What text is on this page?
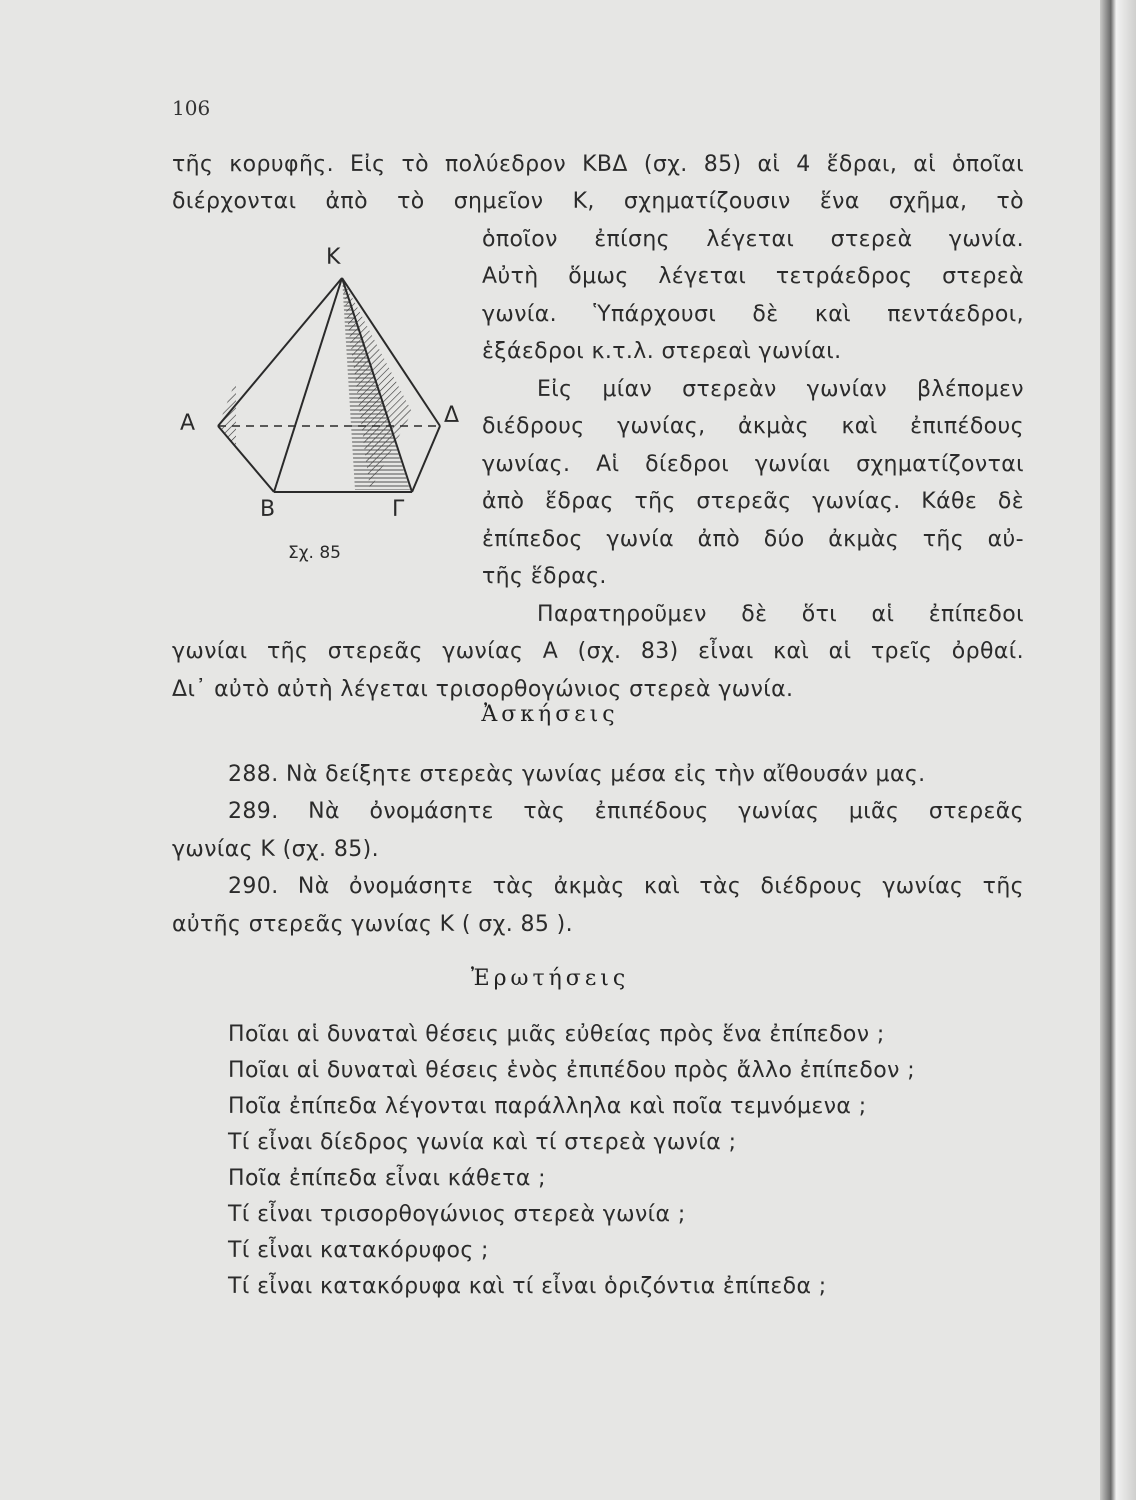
106
τῆς κορυφῆς. Εἰς τὸ πολύεδρον ΚΒΔ (σχ. 85) αἱ 4 ἕδραι, αἱ ὁποῖαι
διέρχονται ἀπὸ τὸ σημεῖον Κ, σχηματίζουσιν ἕνα σχῆμα, τὸ
ὁποῖον ἐπίσης λέγεται στερεὰ γωνία.
Αὐτὴ ὅμως λέγεται τετράεδρος στερεὰ
γωνία. Ὑπάρχουσι δὲ καὶ πεντάεδροι,
ἑξάεδροι κ.τ.λ. στερεαὶ γωνίαι.
Εἰς μίαν στερεὰν γωνίαν βλέπομεν
διέδρους γωνίας, ἀκμὰς καὶ ἐπιπέδους
γωνίας. Αἱ δίεδροι γωνίαι σχηματίζονται
ἀπὸ ἕδρας τῆς στερεᾶς γωνίας. Κάθε δὲ
ἐπίπεδος γωνία ἀπὸ δύο ἀκμὰς τῆς αὐ-
τῆς ἕδρας.
Παρατηροῦμεν δὲ ὅτι αἱ ἐπίπεδοι
γωνίαι τῆς στερεᾶς γωνίας Α (σχ. 83) εἶναι καὶ αἱ τρεῖς ὀρθαί.
Δι᾽ αὐτὸ αὐτὴ λέγεται τρισορθογώνιος στερεὰ γωνία.
Κ
Α	Δ
Β	Γ
Σχ. 85
Ἀσκήσεις
288. Νὰ δείξητε στερεὰς γωνίας μέσα εἰς τὴν αἴθουσάν μας.
289. Νὰ ὀνομάσητε τὰς ἐπιπέδους γωνίας μιᾶς στερεᾶς
γωνίας Κ (σχ. 85).
290. Νὰ ὀνομάσητε τὰς ἀκμὰς καὶ τὰς διέδρους γωνίας τῆς
αὐτῆς στερεᾶς γωνίας Κ ( σχ. 85 ).
Ἐρωτήσεις
Ποῖαι αἱ δυναταὶ θέσεις μιᾶς εὐθείας πρὸς ἕνα ἐπίπεδον ;
Ποῖαι αἱ δυναταὶ θέσεις ἑνὸς ἐπιπέδου πρὸς ἄλλο ἐπίπεδον ;
Ποῖα ἐπίπεδα λέγονται παράλληλα καὶ ποῖα τεμνόμενα ;
Τί εἶναι δίεδρος γωνία καὶ τί στερεὰ γωνία ;
Ποῖα ἐπίπεδα εἶναι κάθετα ;
Τί εἶναι τρισορθογώνιος στερεὰ γωνία ;
Τί εἶναι κατακόρυφος ;
Τί εἶναι κατακόρυφα καὶ τί εἶναι ὁριζόντια ἐπίπεδα ;
